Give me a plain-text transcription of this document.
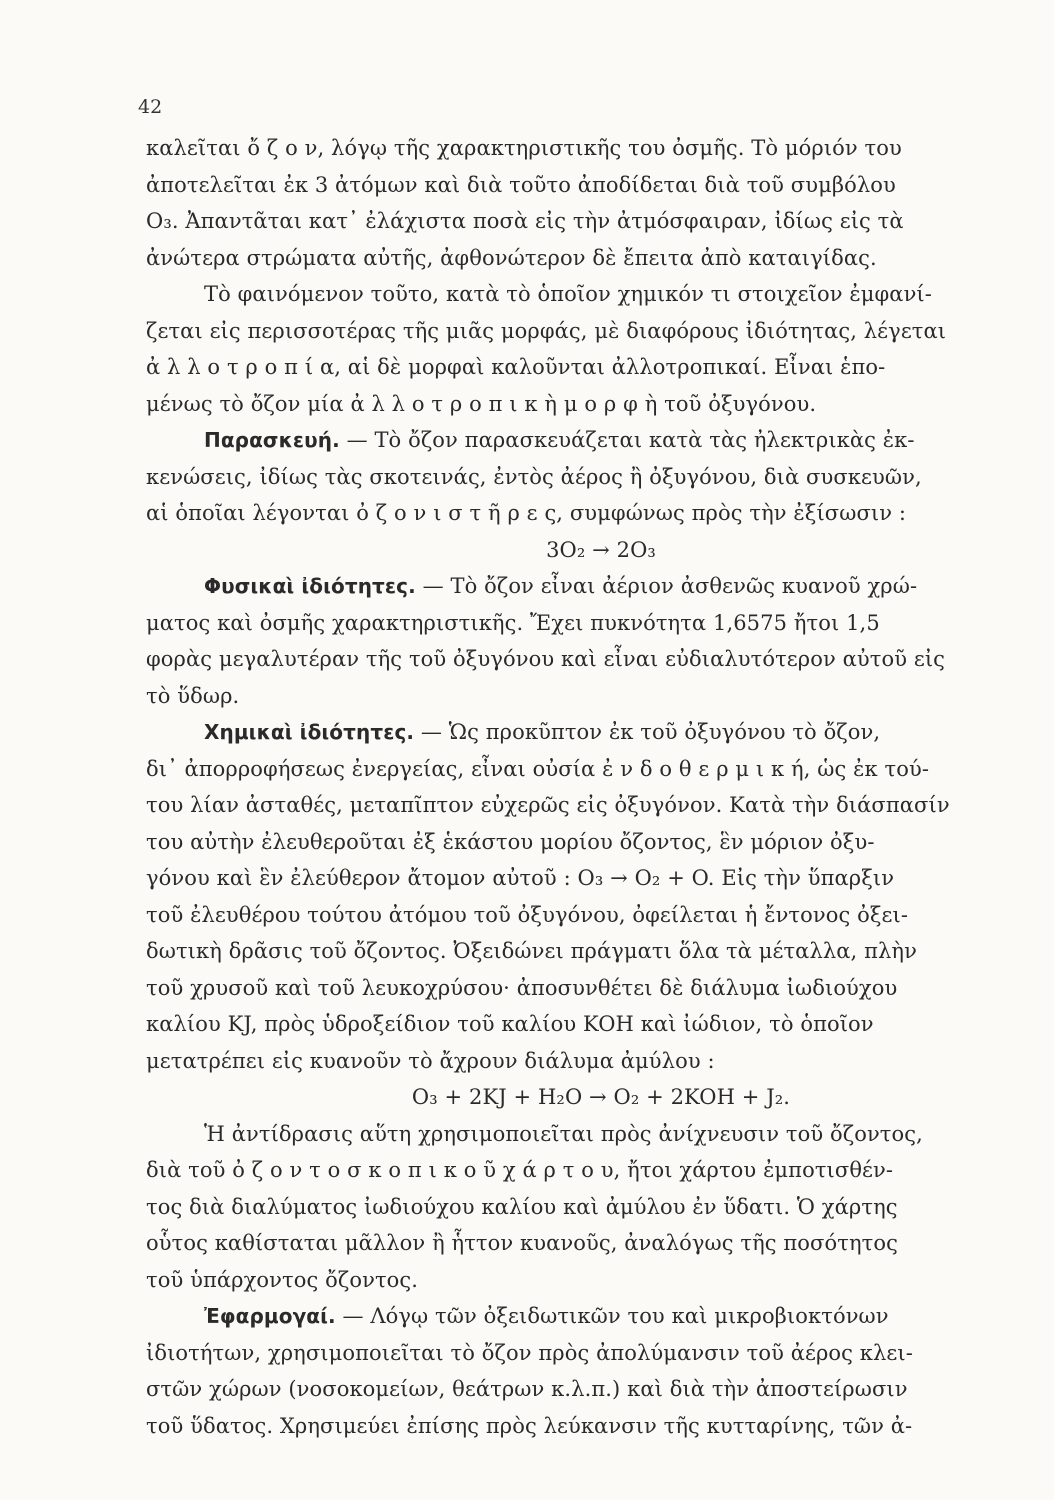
42
καλεῖται ὄ ζ ο ν, λόγῳ τῆς χαρακτηριστικῆς του ὀσμῆς. Τὸ μόριόν του
ἀποτελεῖται ἐκ 3 ἀτόμων καὶ διὰ τοῦτο ἀποδίδεται διὰ τοῦ συμβόλου
O₃. Ἀπαντᾶται κατ᾽ ἐλάχιστα ποσὰ εἰς τὴν ἀτμόσφαιραν, ἰδίως εἰς τὰ
ἀνώτερα στρώματα αὐτῆς, ἀφθονώτερον δὲ ἔπειτα ἀπὸ καταιγίδας.
Τὸ φαινόμενον τοῦτο, κατὰ τὸ ὁποῖον χημικόν τι στοιχεῖον ἐμφανί-
ζεται εἰς περισσοτέρας τῆς μιᾶς μορφάς, μὲ διαφόρους ἰδιότητας, λέγεται
ἀ λ λ ο τ ρ ο π ί α, αἱ δὲ μορφαὶ καλοῦνται ἀλλοτροπικαί. Εἶναι ἑπο-
μένως τὸ ὄζον μία ἀ λ λ ο τ ρ ο π ι κ ὴ μ ο ρ φ ὴ τοῦ ὀξυγόνου.
Παρασκευή. — Τὸ ὄζον παρασκευάζεται κατὰ τὰς ἠλεκτρικὰς ἐκ-
κενώσεις, ἰδίως τὰς σκοτεινάς, ἐντὸς ἀέρος ἢ ὀξυγόνου, διὰ συσκευῶν,
αἱ ὁποῖαι λέγονται ὀ ζ ο ν ι σ τ ῆ ρ ε ς, συμφώνως πρὸς τὴν ἐξίσωσιν :
3O₂ → 2O₃
Φυσικαὶ ἰδιότητες. — Τὸ ὄζον εἶναι ἀέριον ἀσθενῶς κυανοῦ χρώ-
ματος καὶ ὀσμῆς χαρακτηριστικῆς. Ἔχει πυκνότητα 1,6575 ἤτοι 1,5
φορὰς μεγαλυτέραν τῆς τοῦ ὀξυγόνου καὶ εἶναι εὐδιαλυτότερον αὐτοῦ εἰς
τὸ ὕδωρ.
Χημικαὶ ἰδιότητες. — Ὡς προκῦπτον ἐκ τοῦ ὀξυγόνου τὸ ὄζον,
δι᾽ ἀπορροφήσεως ἐνεργείας, εἶναι οὐσία ἐ ν δ ο θ ε ρ μ ι κ ή, ὡς ἐκ τού-
του λίαν ἀσταθές, μεταπῖπτον εὐχερῶς εἰς ὀξυγόνον. Κατὰ τὴν διάσπασίν
του αὐτὴν ἐλευθεροῦται ἐξ ἑκάστου μορίου ὄζοντος, ἓν μόριον ὀξυ-
γόνου καὶ ἓν ἐλεύθερον ἄτομον αὐτοῦ : O₃ → O₂ + O. Εἰς τὴν ὕπαρξιν
τοῦ ἐλευθέρου τούτου ἀτόμου τοῦ ὀξυγόνου, ὀφείλεται ἡ ἔντονος ὀξει-
δωτικὴ δρᾶσις τοῦ ὄζοντος. Ὀξειδώνει πράγματι ὅλα τὰ μέταλλα, πλὴν
τοῦ χρυσοῦ καὶ τοῦ λευκοχρύσου· ἀποσυνθέτει δὲ διάλυμα ἰωδιούχου
καλίου KJ, πρὸς ὑδροξείδιον τοῦ καλίου KOH καὶ ἰώδιον, τὸ ὁποῖον
μετατρέπει εἰς κυανοῦν τὸ ἄχρουν διάλυμα ἀμύλου :
O₃ + 2KJ + H₂O → O₂ + 2KOH + J₂.
Ἡ ἀντίδρασις αὕτη χρησιμοποιεῖται πρὸς ἀνίχνευσιν τοῦ ὄζοντος,
διὰ τοῦ ὀ ζ ο ν τ ο σ κ ο π ι κ ο ῦ χ ά ρ τ ο υ, ἤτοι χάρτου ἐμποτισθέν-
τος διὰ διαλύματος ἰωδιούχου καλίου καὶ ἀμύλου ἐν ὕδατι. Ὁ χάρτης
οὗτος καθίσταται μᾶλλον ἢ ἧττον κυανοῦς, ἀναλόγως τῆς ποσότητος
τοῦ ὑπάρχοντος ὄζοντος.
Ἐφαρμογαί. — Λόγῳ τῶν ὀξειδωτικῶν του καὶ μικροβιοκτόνων
ἰδιοτήτων, χρησιμοποιεῖται τὸ ὄζον πρὸς ἀπολύμανσιν τοῦ ἀέρος κλει-
στῶν χώρων (νοσοκομείων, θεάτρων κ.λ.π.) καὶ διὰ τὴν ἀποστείρωσιν
τοῦ ὕδατος. Χρησιμεύει ἐπίσης πρὸς λεύκανσιν τῆς κυτταρίνης, τῶν ἀ-
